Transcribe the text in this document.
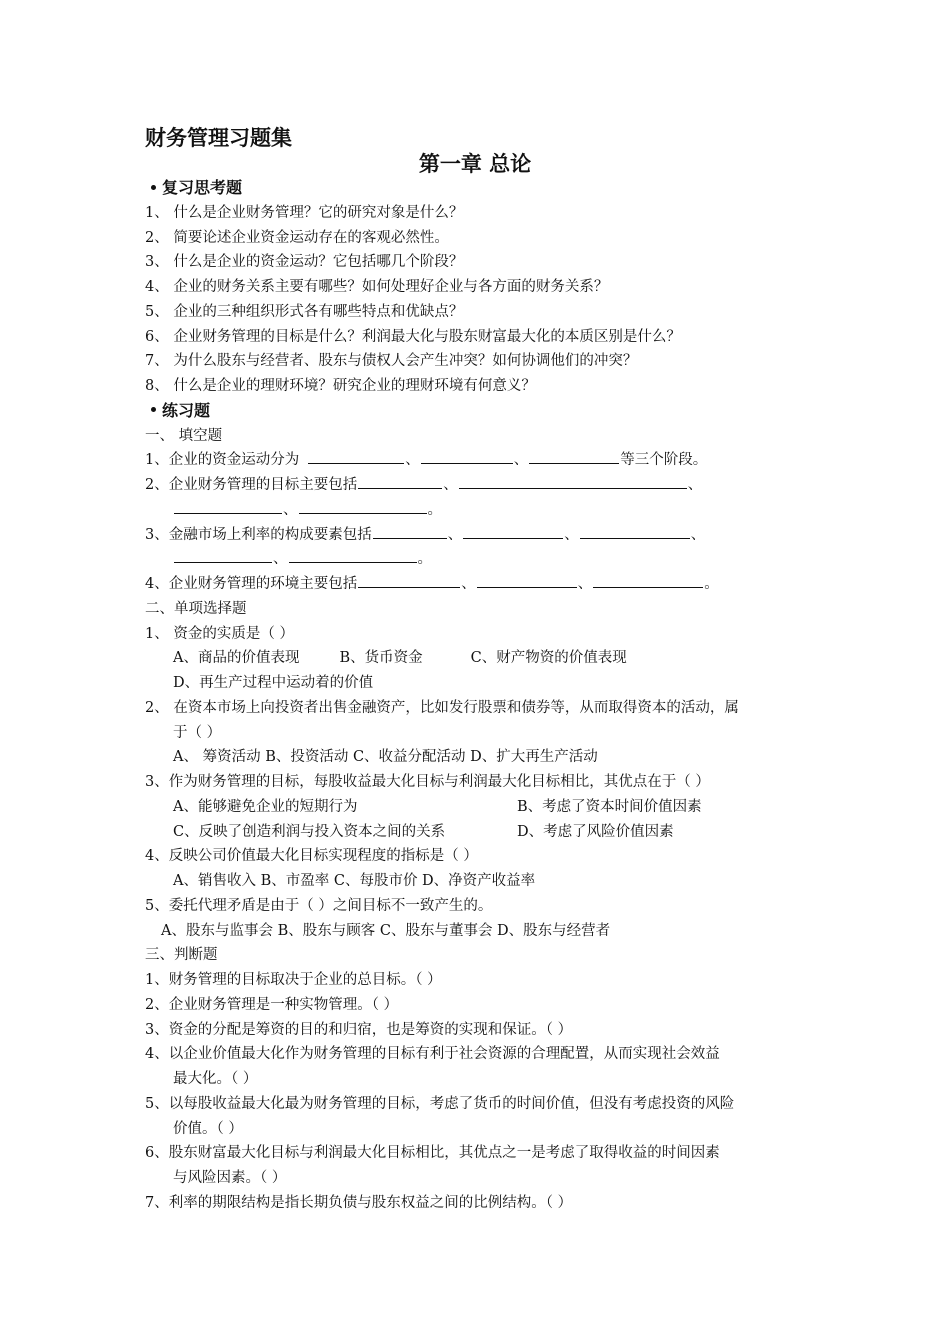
财务管理习题集
第一章 总论
复习思考题
1、 什么是企业财务管理？它的研究对象是什么？
2、 简要论述企业资金运动存在的客观必然性。
3、 什么是企业的资金运动？它包括哪几个阶段？
4、 企业的财务关系主要有哪些？如何处理好企业与各方面的财务关系？
5、 企业的三种组织形式各有哪些特点和优缺点？
6、 企业财务管理的目标是什么？利润最大化与股东财富最大化的本质区别是什么？
7、 为什么股东与经营者、股东与债权人会产生冲突？如何协调他们的冲突？
8、 什么是企业的理财环境？研究企业的理财环境有何意义？
练习题
一、 填空题
1、企业的资金运动分为	、	、	等三个阶段。
2、企业财务管理的目标主要包括	、	、
、	。
3、金融市场上利率的构成要素包括	、	、	、
、	。
4、企业财务管理的环境主要包括	、	、	。
二、单项选择题
1、 资金的实质是（ ）
A、商品的价值表现	B、货币资金	C、财产物资的价值表现
D、再生产过程中运动着的价值
2、 在资本市场上向投资者出售金融资产，比如发行股票和债券等，从而取得资本的活动，属
于（ ）
A、 筹资活动 B、投资活动 C、收益分配活动 D、扩大再生产活动
3、作为财务管理的目标，每股收益最大化目标与利润最大化目标相比，其优点在于（ ）
A、能够避免企业的短期行为	B、考虑了资本时间价值因素
C、反映了创造利润与投入资本之间的关系	D、考虑了风险价值因素
4、反映公司价值最大化目标实现程度的指标是（ ）
A、销售收入 B、市盈率 C、每股市价 D、净资产收益率
5、委托代理矛盾是由于（ ）之间目标不一致产生的。
A、股东与监事会 B、股东与顾客 C、股东与董事会 D、股东与经营者
三、判断题
1、财务管理的目标取决于企业的总目标。（ ）
2、企业财务管理是一种实物管理。（ ）
3、资金的分配是筹资的目的和归宿，也是筹资的实现和保证。（ ）
4、以企业价值最大化作为财务管理的目标有利于社会资源的合理配置，从而实现社会效益
最大化。（ ）
5、以每股收益最大化最为财务管理的目标，考虑了货币的时间价值，但没有考虑投资的风险
价值。（ ）
6、股东财富最大化目标与利润最大化目标相比，其优点之一是考虑了取得收益的时间因素
与风险因素。（ ）
7、利率的期限结构是指长期负债与股东权益之间的比例结构。（ ）
